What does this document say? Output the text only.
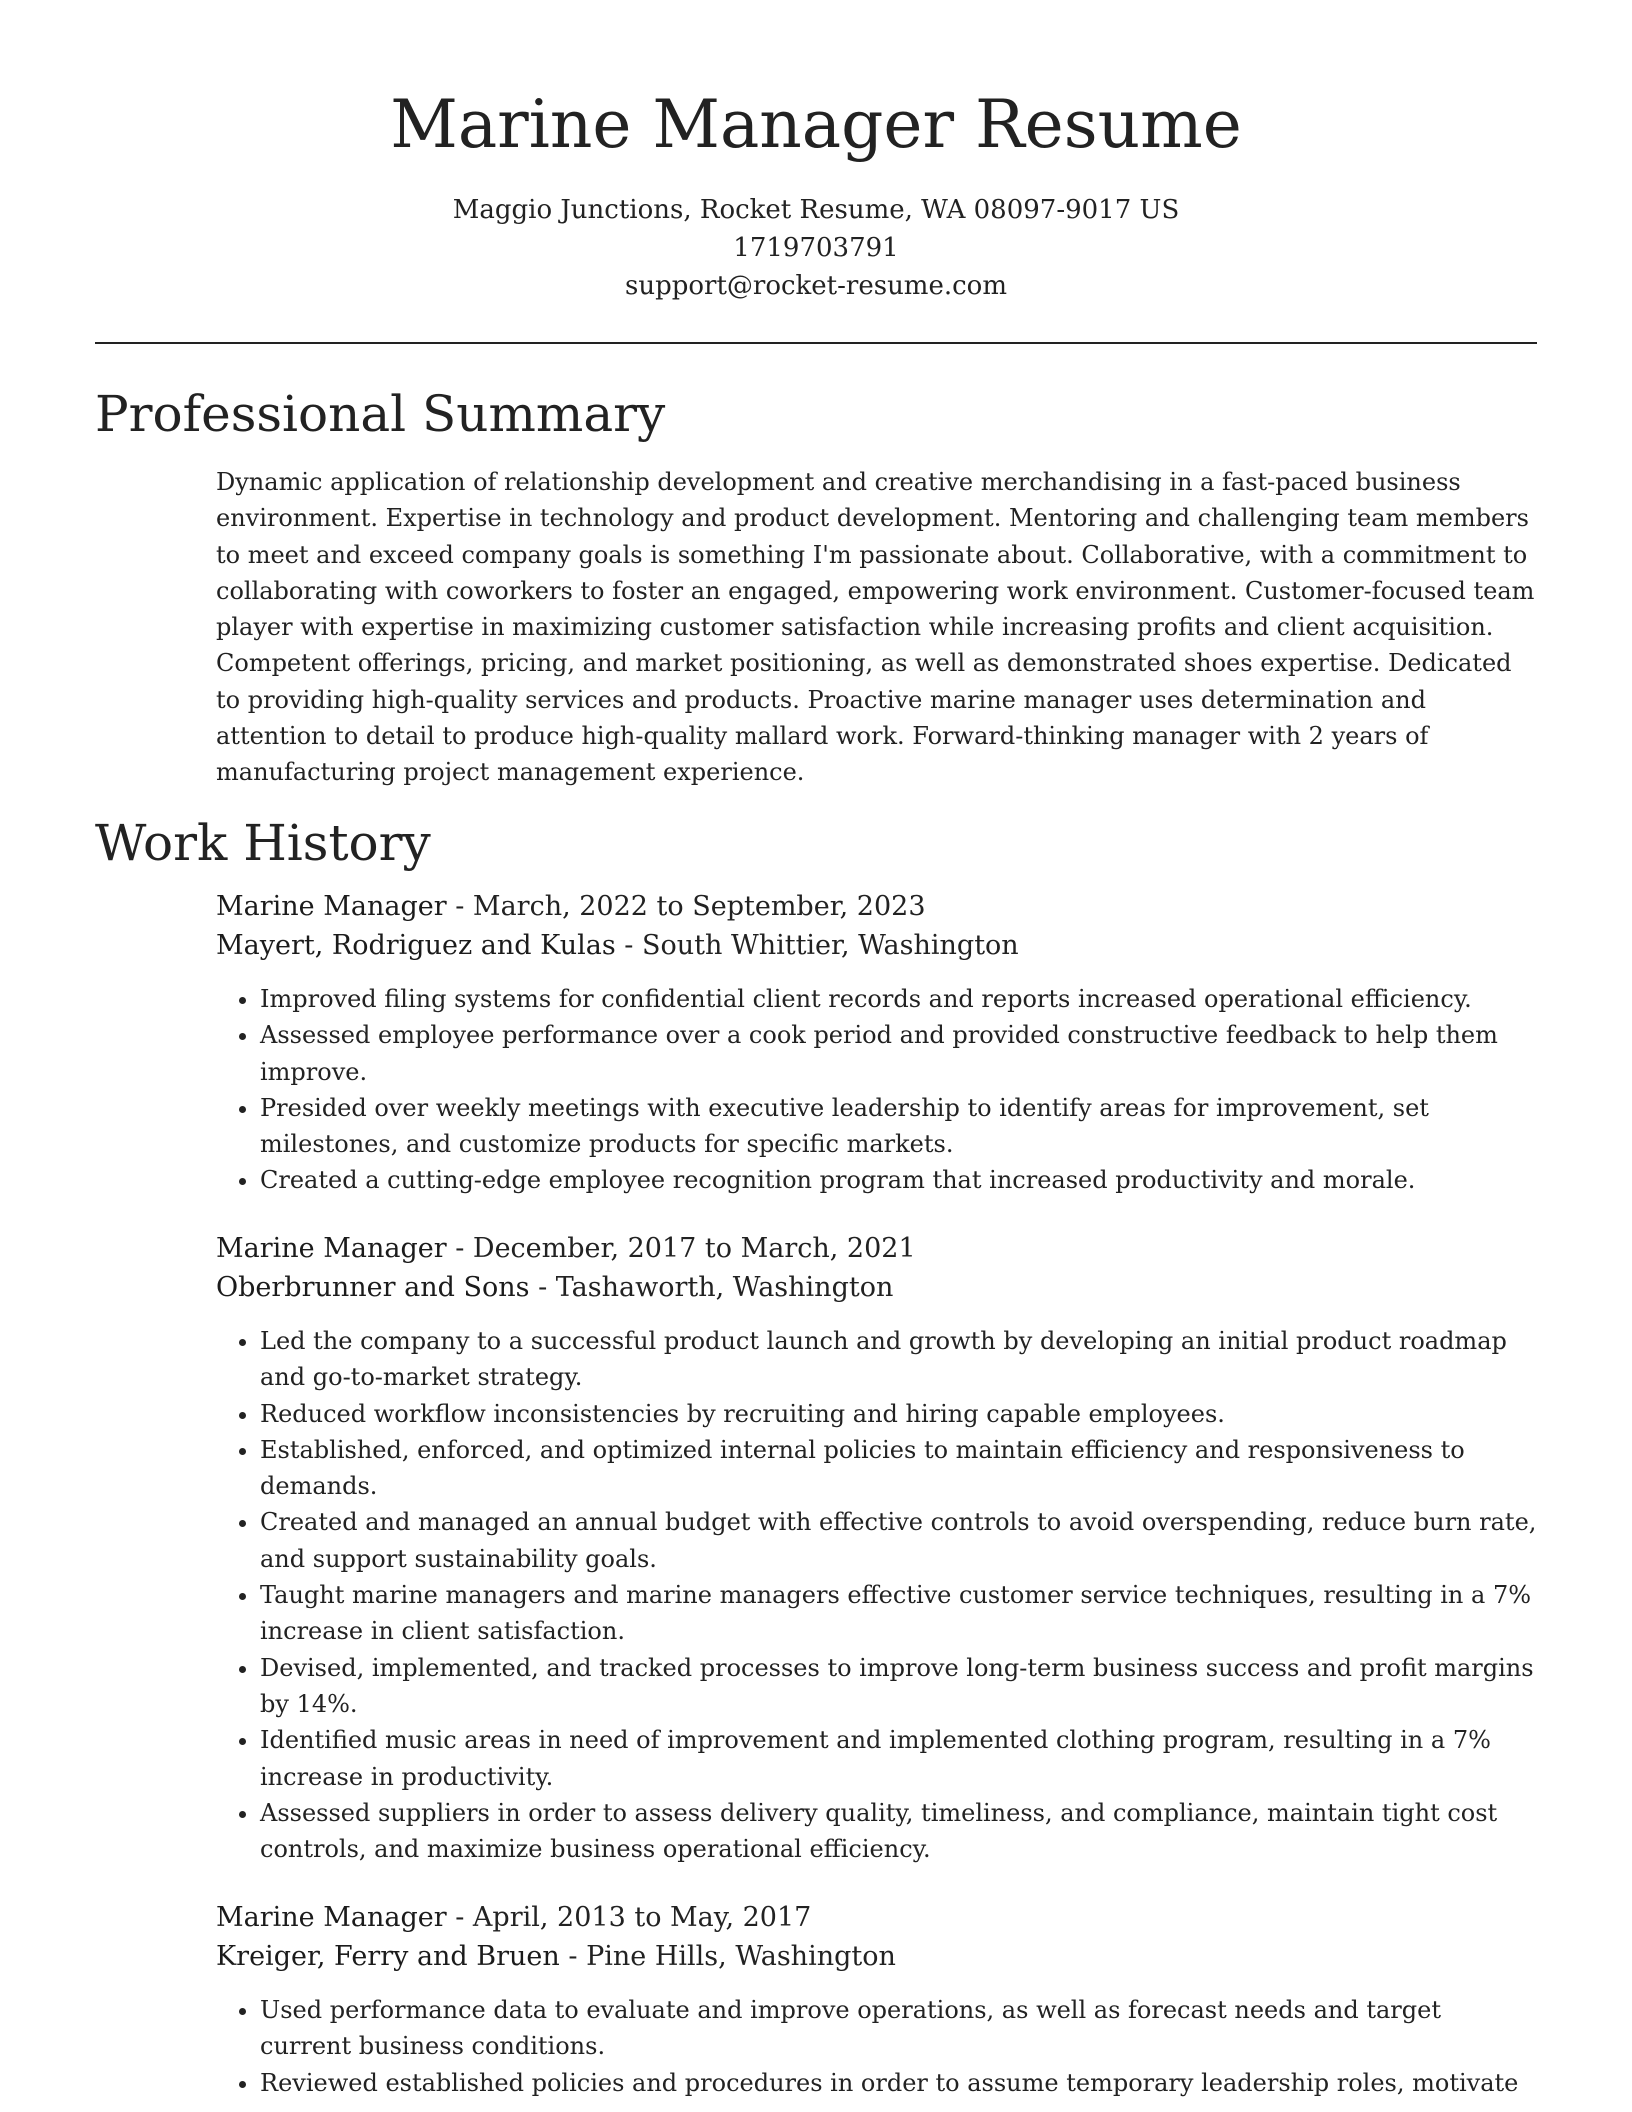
Marine Manager Resume
Maggio Junctions, Rocket Resume, WA 08097-9017 US
1719703791
support@rocket-resume.com
Professional Summary

Dynamic application of relationship development and creative merchandising in a fast-paced business environment. Expertise in technology and product development. Mentoring and challenging team members to meet and exceed company goals is something I'm passionate about. Collaborative, with a commitment to collaborating with coworkers to foster an engaged, empowering work environment. Customer-focused team player with expertise in maximizing customer satisfaction while increasing profits and client acquisition. Competent offerings, pricing, and market positioning, as well as demonstrated shoes expertise. Dedicated to providing high-quality services and products. Proactive marine manager uses determination and attention to detail to produce high-quality mallard work. Forward-thinking manager with 2 years of manufacturing project management experience.

Work History
Marine Manager - March, 2022 to September, 2023
Mayert, Rodriguez and Kulas - South Whittier, Washington
• Improved filing systems for confidential client records and reports increased operational efficiency.
• Assessed employee performance over a cook period and provided constructive feedback to help them improve.
• Presided over weekly meetings with executive leadership to identify areas for improvement, set milestones, and customize products for specific markets.
• Created a cutting-edge employee recognition program that increased productivity and morale.
Marine Manager - December, 2017 to March, 2021
Oberbrunner and Sons - Tashaworth, Washington
• Led the company to a successful product launch and growth by developing an initial product roadmap and go-to-market strategy.
• Reduced workflow inconsistencies by recruiting and hiring capable employees.
• Established, enforced, and optimized internal policies to maintain efficiency and responsiveness to demands.
• Created and managed an annual budget with effective controls to avoid overspending, reduce burn rate, and support sustainability goals.
• Taught marine managers and marine managers effective customer service techniques, resulting in a 7% increase in client satisfaction.
• Devised, implemented, and tracked processes to improve long-term business success and profit margins by 14%.
• Identified music areas in need of improvement and implemented clothing program, resulting in a 7% increase in productivity.
• Assessed suppliers in order to assess delivery quality, timeliness, and compliance, maintain tight cost controls, and maximize business operational efficiency.
Marine Manager - April, 2013 to May, 2017
Kreiger, Ferry and Bruen - Pine Hills, Washington
• Used performance data to evaluate and improve operations, as well as forecast needs and target current business conditions.
• Reviewed established policies and procedures in order to assume temporary leadership roles, motivate
